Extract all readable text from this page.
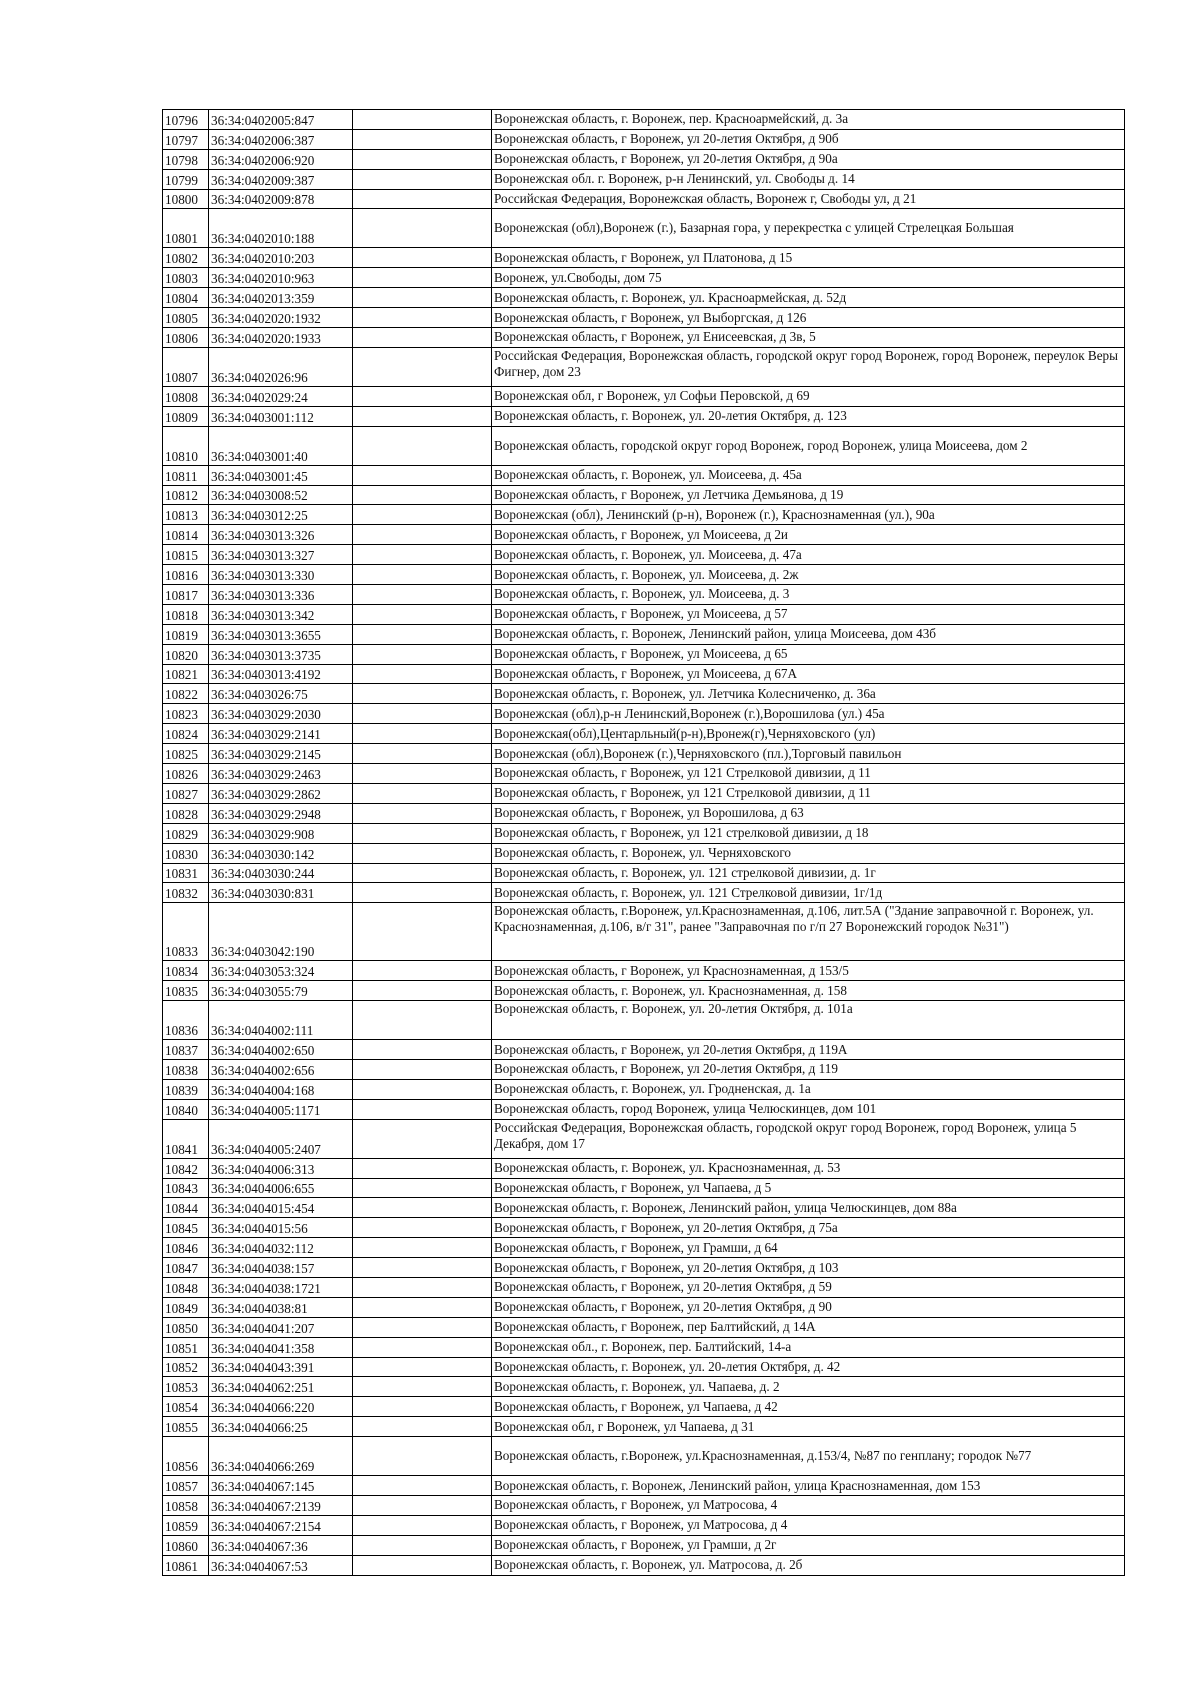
10796	36:34:0402005:847		Воронежская область, г. Воронеж, пер. Красноармейский, д. 3а
10797	36:34:0402006:387		Воронежская область, г Воронеж, ул 20-летия Октября, д 90б
10798	36:34:0402006:920		Воронежская область, г Воронеж, ул 20-летия Октября, д 90а
10799	36:34:0402009:387		Воронежская обл. г. Воронеж, р-н Ленинский, ул. Свободы д. 14
10800	36:34:0402009:878		Российская Федерация, Воронежская область, Воронеж г, Свободы ул, д 21
10801	36:34:0402010:188		Воронежская (обл),Воронеж (г.), Базарная гора, у перекрестка с улицей Стрелецкая Большая
10802	36:34:0402010:203		Воронежская область, г Воронеж, ул Платонова, д 15
10803	36:34:0402010:963		Воронеж, ул.Свободы, дом 75
10804	36:34:0402013:359		Воронежская область, г. Воронеж, ул. Красноармейская, д. 52д
10805	36:34:0402020:1932		Воронежская область, г Воронеж, ул Выборгская, д 126
10806	36:34:0402020:1933		Воронежская область, г Воронеж, ул Енисеевская, д 3в, 5
10807	36:34:0402026:96		Российская Федерация, Воронежская область, городской округ город Воронеж, город Воронеж, переулок Веры Фигнер, дом 23
10808	36:34:0402029:24		Воронежская обл, г Воронеж, ул Софьи Перовской, д 69
10809	36:34:0403001:112		Воронежская область, г. Воронеж, ул. 20-летия Октября, д. 123
10810	36:34:0403001:40		Воронежская область, городской округ город Воронеж, город Воронеж, улица Моисеева, дом 2
10811	36:34:0403001:45		Воронежская область, г. Воронеж, ул. Моисеева, д. 45а
10812	36:34:0403008:52		Воронежская область, г Воронеж, ул Летчика Демьянова, д 19
10813	36:34:0403012:25		Воронежская (обл), Ленинский (р-н), Воронеж (г.), Краснознаменная (ул.), 90а
10814	36:34:0403013:326		Воронежская область, г Воронеж, ул Моисеева, д 2и
10815	36:34:0403013:327		Воронежская область, г. Воронеж, ул. Моисеева, д. 47а
10816	36:34:0403013:330		Воронежская область, г. Воронеж, ул. Моисеева, д. 2ж
10817	36:34:0403013:336		Воронежская область, г. Воронеж, ул. Моисеева, д. 3
10818	36:34:0403013:342		Воронежская область, г Воронеж, ул Моисеева, д 57
10819	36:34:0403013:3655		Воронежская область, г. Воронеж, Ленинский район, улица Моисеева, дом 43б
10820	36:34:0403013:3735		Воронежская область, г Воронеж, ул Моисеева, д 65
10821	36:34:0403013:4192		Воронежская область, г Воронеж, ул Моисеева, д 67А
10822	36:34:0403026:75		Воронежская область, г. Воронеж, ул. Летчика Колесниченко, д. 36а
10823	36:34:0403029:2030		Воронежская (обл),р-н Ленинский,Воронеж (г.),Ворошилова (ул.) 45а
10824	36:34:0403029:2141		Воронежская(обл),Центарльный(р-н),Вронеж(г),Черняховского (ул)
10825	36:34:0403029:2145		Воронежская (обл),Воронеж (г.),Черняховского (пл.),Торговый павильон
10826	36:34:0403029:2463		Воронежская область, г Воронеж, ул 121 Стрелковой дивизии, д 11
10827	36:34:0403029:2862		Воронежская область, г Воронеж, ул 121 Стрелковой дивизии, д 11
10828	36:34:0403029:2948		Воронежская область, г Воронеж, ул Ворошилова, д 63
10829	36:34:0403029:908		Воронежская область, г Воронеж, ул 121 стрелковой дивизии, д 18
10830	36:34:0403030:142		Воронежская область, г. Воронеж, ул. Черняховского
10831	36:34:0403030:244		Воронежская область, г. Воронеж, ул. 121 стрелковой дивизии, д. 1г
10832	36:34:0403030:831		Воронежская область, г. Воронеж, ул. 121 Стрелковой дивизии, 1г/1д
10833	36:34:0403042:190		Воронежская область, г.Воронеж, ул.Краснознаменная, д.106, лит.5А ("Здание заправочной г. Воронеж, ул. Краснознаменная, д.106, в/г 31", ранее "Заправочная по г/п 27 Воронежский городок №31")
10834	36:34:0403053:324		Воронежская область, г Воронеж, ул Краснознаменная, д 153/5
10835	36:34:0403055:79		Воронежская область, г. Воронеж, ул. Краснознаменная, д. 158
10836	36:34:0404002:111		Воронежская область, г. Воронеж, ул. 20-летия Октября, д. 101а
10837	36:34:0404002:650		Воронежская область, г Воронеж, ул 20-летия Октября, д 119А
10838	36:34:0404002:656		Воронежская область, г Воронеж, ул 20-летия Октября, д 119
10839	36:34:0404004:168		Воронежская область, г. Воронеж, ул. Гродненская, д. 1а
10840	36:34:0404005:1171		Воронежская область, город Воронеж, улица Челюскинцев, дом 101
10841	36:34:0404005:2407		Российская Федерация, Воронежская область, городской округ город Воронеж, город Воронеж, улица 5 Декабря, дом 17
10842	36:34:0404006:313		Воронежская область, г. Воронеж, ул. Краснознаменная, д. 53
10843	36:34:0404006:655		Воронежская область, г Воронеж, ул Чапаева, д 5
10844	36:34:0404015:454		Воронежская область, г. Воронеж, Ленинский район, улица Челюскинцев, дом 88а
10845	36:34:0404015:56		Воронежская область, г Воронеж, ул 20-летия Октября, д 75а
10846	36:34:0404032:112		Воронежская область, г Воронеж, ул Грамши, д 64
10847	36:34:0404038:157		Воронежская область, г Воронеж, ул 20-летия Октября, д 103
10848	36:34:0404038:1721		Воронежская область, г Воронеж, ул 20-летия Октября, д 59
10849	36:34:0404038:81		Воронежская область, г Воронеж, ул 20-летия Октября, д 90
10850	36:34:0404041:207		Воронежская область, г Воронеж, пер Балтийский, д 14А
10851	36:34:0404041:358		Воронежская обл., г. Воронеж, пер. Балтийский, 14-а
10852	36:34:0404043:391		Воронежская область, г. Воронеж, ул. 20-летия Октября, д. 42
10853	36:34:0404062:251		Воронежская область, г. Воронеж, ул. Чапаева, д. 2
10854	36:34:0404066:220		Воронежская область, г Воронеж, ул Чапаева, д 42
10855	36:34:0404066:25		Воронежская обл, г Воронеж, ул Чапаева, д 31
10856	36:34:0404066:269		Воронежская область, г.Воронеж, ул.Краснознаменная, д.153/4, №87 по генплану; городок №77
10857	36:34:0404067:145		Воронежская область, г. Воронеж, Ленинский район, улица Краснознаменная, дом 153
10858	36:34:0404067:2139		Воронежская область, г Воронеж, ул Матросова, 4
10859	36:34:0404067:2154		Воронежская область, г Воронеж, ул Матросова, д 4
10860	36:34:0404067:36		Воронежская область, г Воронеж, ул Грамши, д 2г
10861	36:34:0404067:53		Воронежская область, г. Воронеж, ул. Матросова, д. 2б
